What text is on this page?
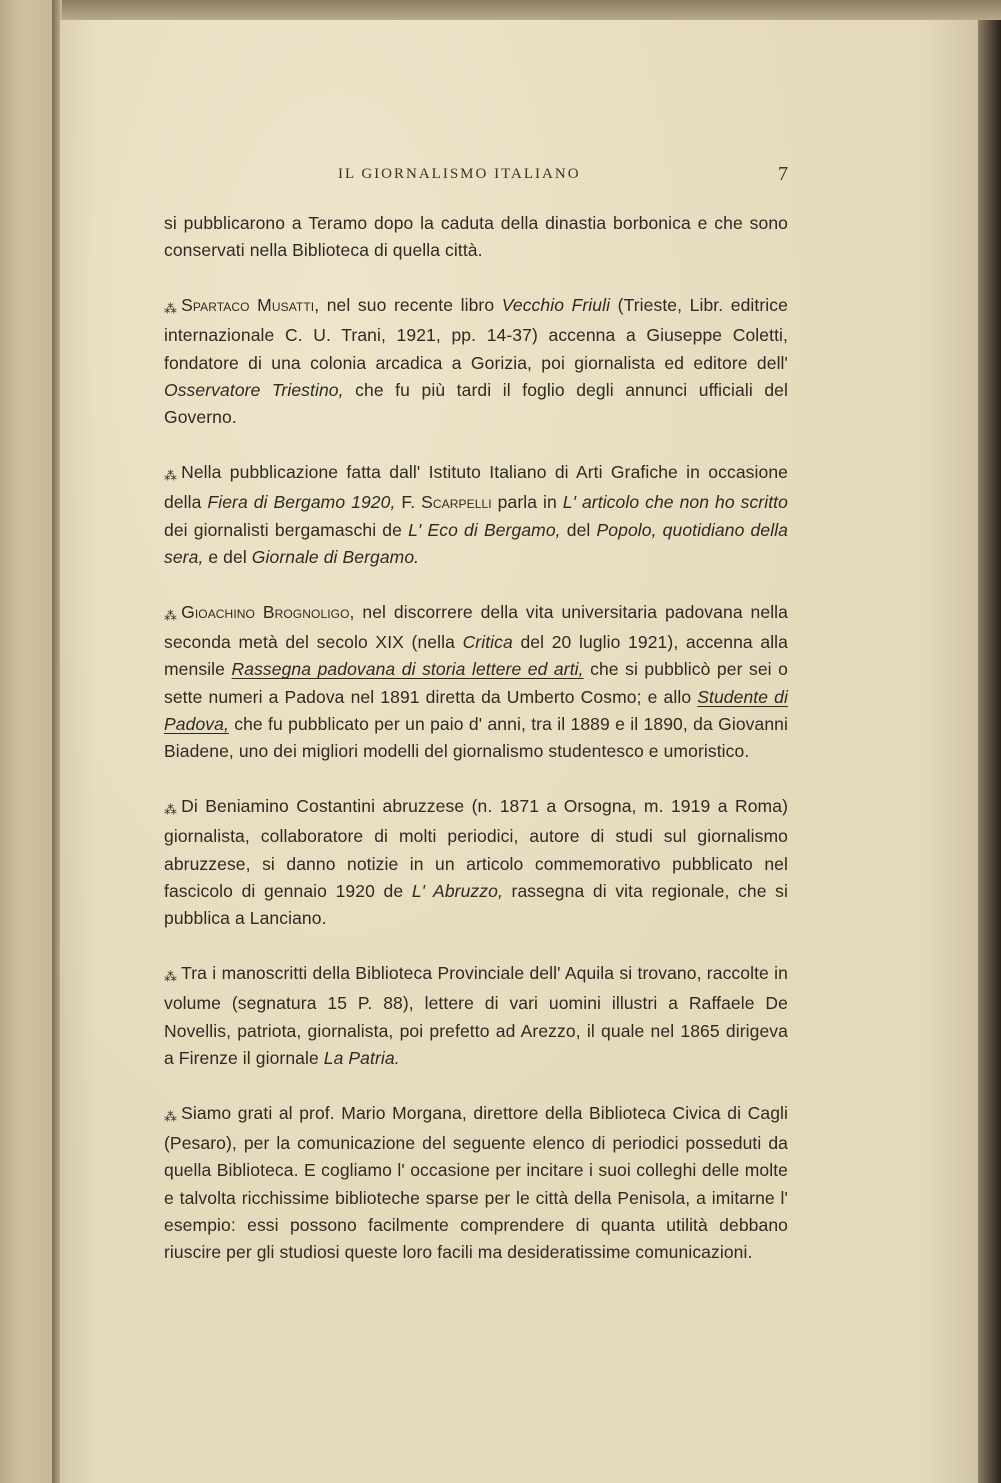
IL GIORNALISMO ITALIANO	7

si pubblicarono a Teramo dopo la caduta della dinastia borbonica e che sono conservati nella Biblioteca di quella città.

⁂ Spartaco Musatti, nel suo recente libro Vecchio Friuli (Trieste, Libr. editrice internazionale C. U. Trani, 1921, pp. 14-37) accenna a Giuseppe Coletti, fondatore di una colonia arcadica a Gorizia, poi giornalista ed editore dell' Osservatore Triestino, che fu più tardi il foglio degli annunci ufficiali del Governo.

⁂ Nella pubblicazione fatta dall' Istituto Italiano di Arti Grafiche in occasione della Fiera di Bergamo 1920, F. Scarpelli parla in L' articolo che non ho scritto dei giornalisti bergamaschi de L' Eco di Bergamo, del Popolo, quotidiano della sera, e del Giornale di Bergamo.

⁂ Gioachino Brognoligo, nel discorrere della vita universitaria padovana nella seconda metà del secolo XIX (nella Critica del 20 luglio 1921), accenna alla mensile Rassegna padovana di storia lettere ed arti, che si pubblicò per sei o sette numeri a Padova nel 1891 diretta da Umberto Cosmo; e allo Studente di Padova, che fu pubblicato per un paio d' anni, tra il 1889 e il 1890, da Giovanni Biadene, uno dei migliori modelli del giornalismo studentesco e umoristico.

⁂ Di Beniamino Costantini abruzzese (n. 1871 a Orsogna, m. 1919 a Roma) giornalista, collaboratore di molti periodici, autore di studi sul giornalismo abruzzese, si danno notizie in un articolo commemorativo pubblicato nel fascicolo di gennaio 1920 de L' Abruzzo, rassegna di vita regionale, che si pubblica a Lanciano.

⁂ Tra i manoscritti della Biblioteca Provinciale dell' Aquila si trovano, raccolte in volume (segnatura 15 P. 88), lettere di vari uomini illustri a Raffaele De Novellis, patriota, giornalista, poi prefetto ad Arezzo, il quale nel 1865 dirigeva a Firenze il giornale La Patria.

⁂ Siamo grati al prof. Mario Morgana, direttore della Biblioteca Civica di Cagli (Pesaro), per la comunicazione del seguente elenco di periodici posseduti da quella Biblioteca. E cogliamo l' occasione per incitare i suoi colleghi delle molte e talvolta ricchissime biblioteche sparse per le città della Penisola, a imitarne l' esempio: essi possono facilmente comprendere di quanta utilità debbano riuscire per gli studiosi queste loro facili ma desideratissime comunicazioni.
